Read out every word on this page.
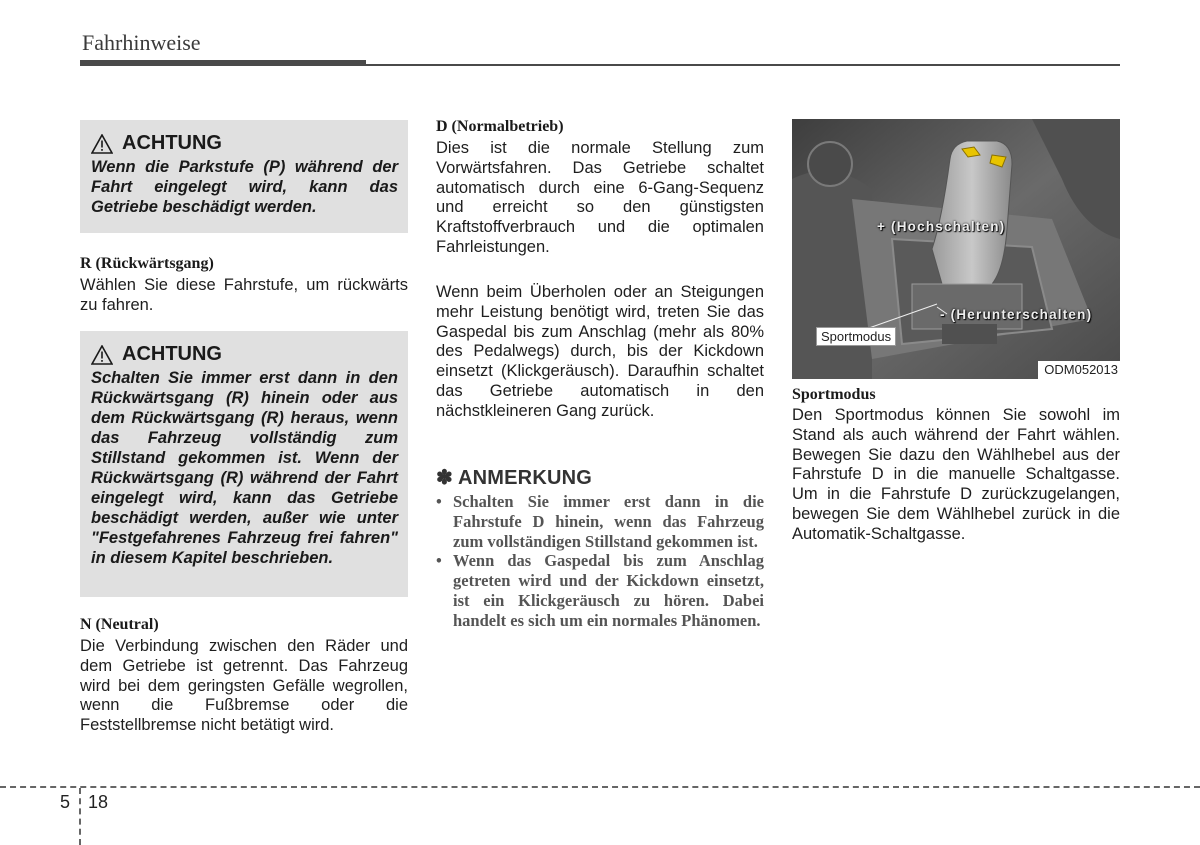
Fahrhinweise
ACHTUNG
Wenn die Parkstufe (P) während der Fahrt eingelegt wird, kann das Getriebe beschädigt werden.
R (Rückwärtsgang)
Wählen Sie diese Fahrstufe, um rückwärts zu fahren.
ACHTUNG
Schalten Sie immer erst dann in den Rückwärtsgang (R) hinein oder aus dem Rückwärtsgang (R) heraus, wenn das Fahrzeug vollständig zum Stillstand gekommen ist. Wenn der Rückwärtsgang (R) während der Fahrt eingelegt wird, kann das Getriebe beschädigt werden, außer wie unter "Festgefahrenes Fahrzeug frei fahren" in diesem Kapitel beschrieben.
N (Neutral)
Die Verbindung zwischen den Räder und dem Getriebe ist getrennt. Das Fahrzeug wird bei dem geringsten Gefälle wegrollen, wenn die Fußbremse oder die Feststellbremse nicht betätigt wird.
D (Normalbetrieb)
Dies ist die normale Stellung zum Vorwärtsfahren. Das Getriebe schaltet automatisch durch eine 6-Gang-Sequenz und erreicht so den günstigsten Kraftstoffverbrauch und die optimalen Fahrleistungen.
Wenn beim Überholen oder an Steigungen mehr Leistung benötigt wird, treten Sie das Gaspedal bis zum Anschlag (mehr als 80% des Pedalwegs) durch, bis der Kickdown einsetzt (Klickgeräusch). Daraufhin schaltet das Getriebe automatisch in den nächstkleineren Gang zurück.
✽ ANMERKUNG
• Schalten Sie immer erst dann in die Fahrstufe D hinein, wenn das Fahrzeug zum vollständigen Stillstand gekommen ist.
• Wenn das Gaspedal bis zum Anschlag getreten wird und der Kickdown einsetzt, ist ein Klickgeräusch zu hören. Dabei handelt es sich um ein normales Phänomen.
+ (Hochschalten)
- (Herunterschalten)
Sportmodus
ODM052013
Sportmodus
Den Sportmodus können Sie sowohl im Stand als auch während der Fahrt wählen. Bewegen Sie dazu den Wählhebel aus der Fahrstufe D in die manuelle Schaltgasse. Um in die Fahrstufe D zurückzugelangen, bewegen Sie dem Wählhebel zurück in die Automatik-Schaltgasse.
5 18
